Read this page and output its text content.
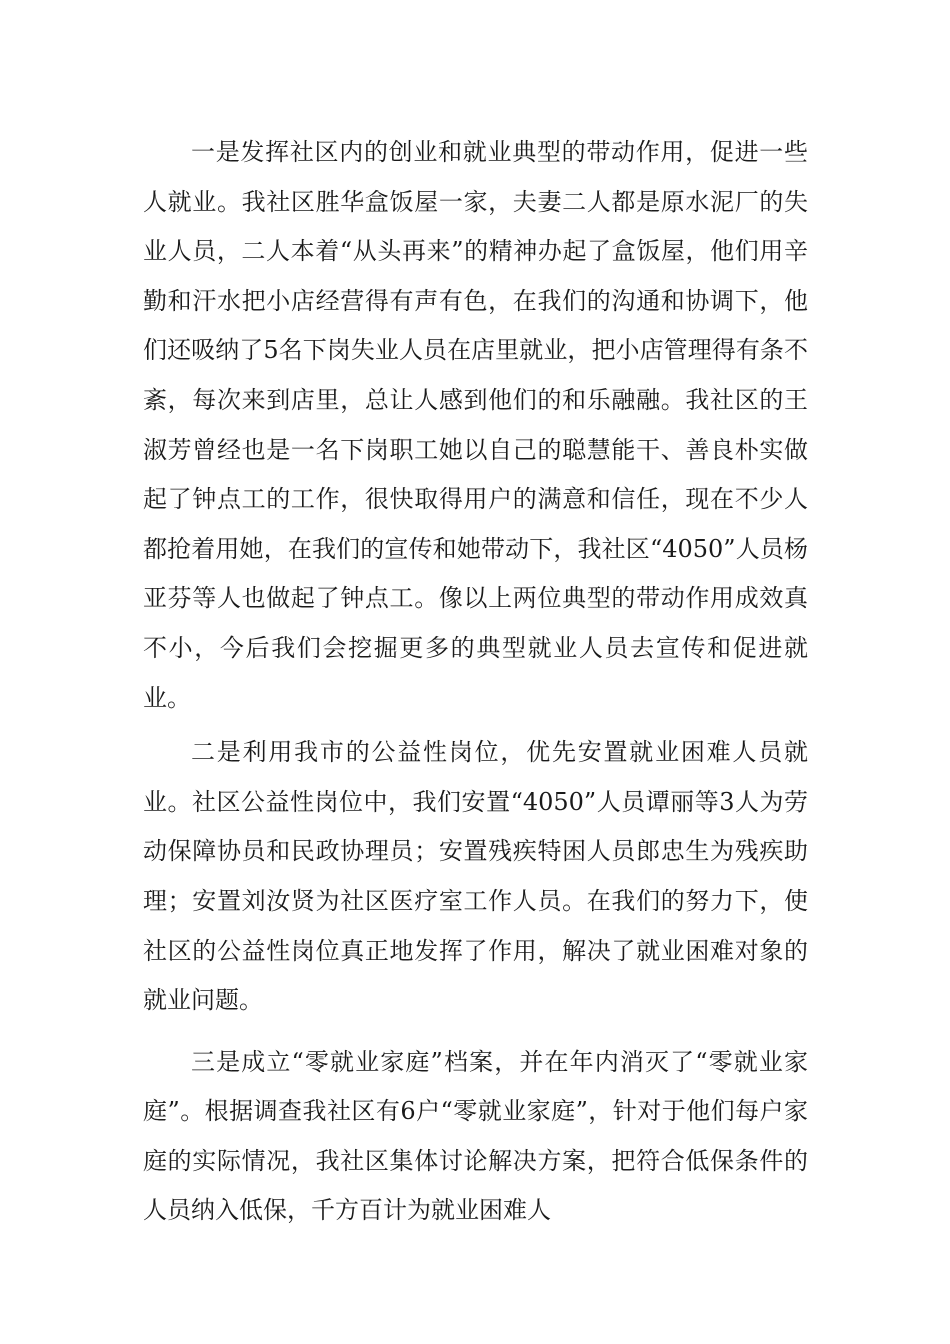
一是发挥社区内的创业和就业典型的带动作用，促进一些人就业。我社区胜华盒饭屋一家，夫妻二人都是原水泥厂的失业人员，二人本着“从头再来”的精神办起了盒饭屋，他们用辛勤和汗水把小店经营得有声有色，在我们的沟通和协调下，他们还吸纳了5名下岗失业人员在店里就业，把小店管理得有条不紊，每次来到店里，总让人感到他们的和乐融融。我社区的王淑芳曾经也是一名下岗职工她以自己的聪慧能干、善良朴实做起了钟点工的工作，很快取得用户的满意和信任，现在不少人都抢着用她，在我们的宣传和她带动下，我社区“4050”人员杨亚芬等人也做起了钟点工。像以上两位典型的带动作用成效真不小，今后我们会挖掘更多的典型就业人员去宣传和促进就业。

二是利用我市的公益性岗位，优先安置就业困难人员就业。社区公益性岗位中，我们安置“4050”人员谭丽等3人为劳动保障协员和民政协理员；安置残疾特困人员郎忠生为残疾助理；安置刘汝贤为社区医疗室工作人员。在我们的努力下，使社区的公益性岗位真正地发挥了作用，解决了就业困难对象的就业问题。

三是成立“零就业家庭”档案，并在年内消灭了“零就业家庭”。根据调查我社区有6户“零就业家庭”，针对于他们每户家庭的实际情况，我社区集体讨论解决方案，把符合低保条件的人员纳入低保，千方百计为就业困难人
